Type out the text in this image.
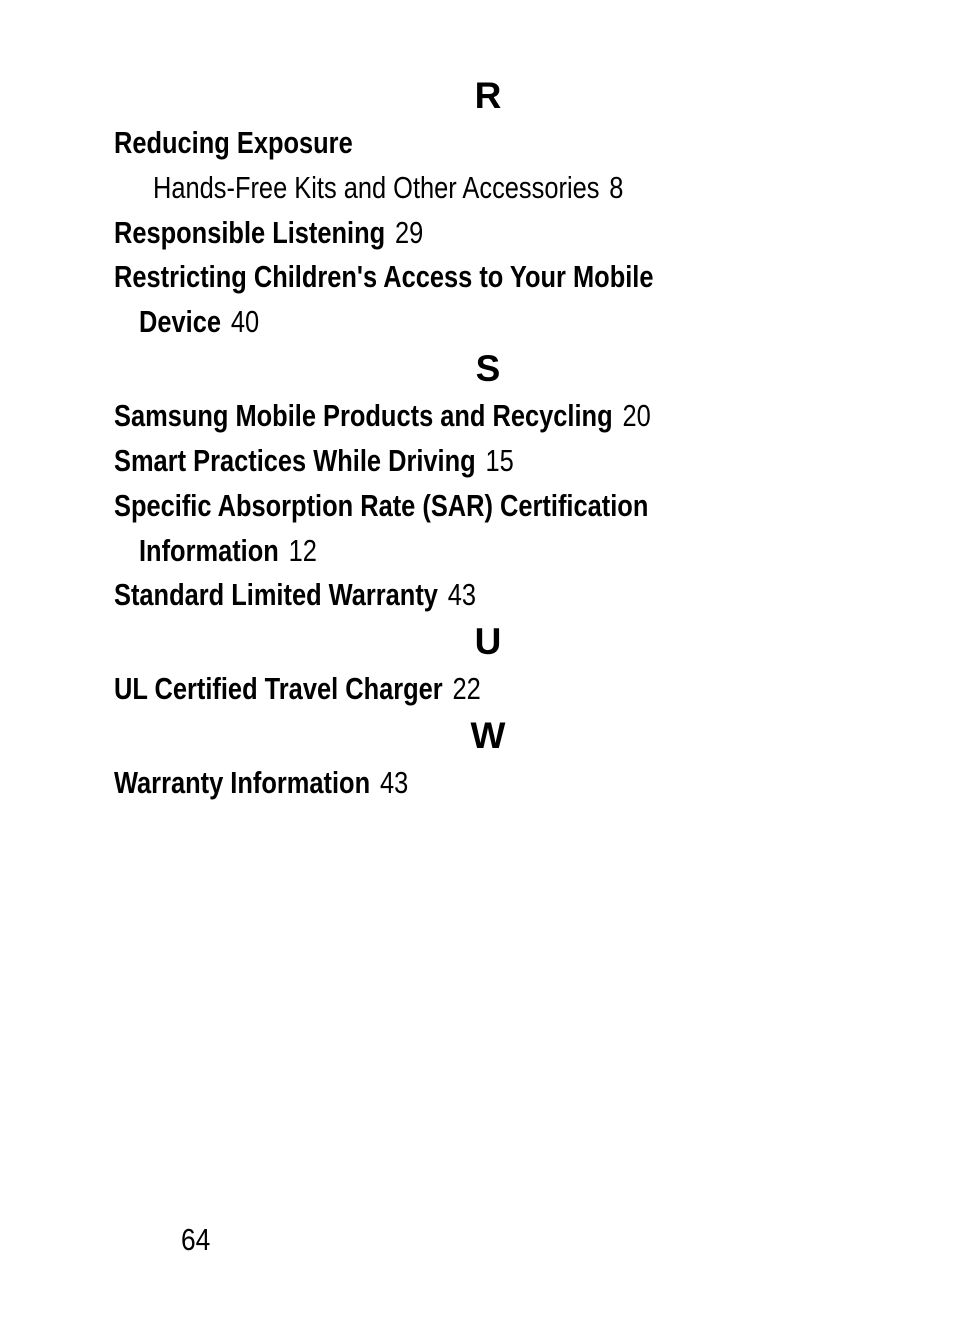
R
Reducing Exposure
Hands-Free Kits and Other Accessories 8
Responsible Listening 29
Restricting Children's Access to Your Mobile
Device 40
S
Samsung Mobile Products and Recycling 20
Smart Practices While Driving 15
Specific Absorption Rate (SAR) Certification
Information 12
Standard Limited Warranty 43
U
UL Certified Travel Charger 22
W
Warranty Information 43
64
